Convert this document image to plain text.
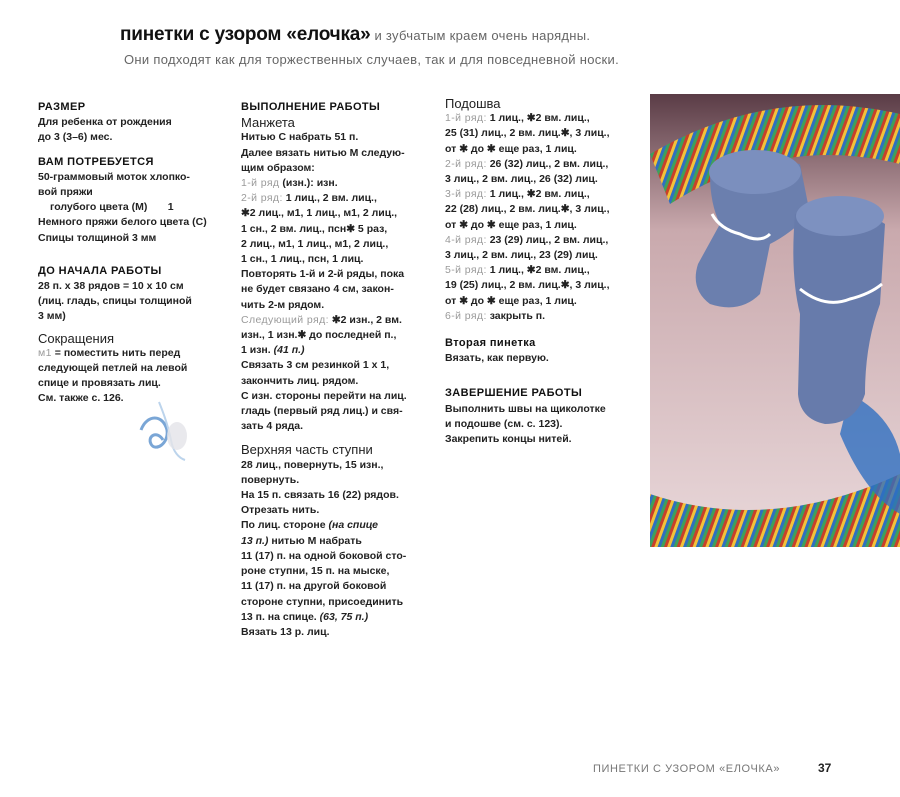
пинетки с узором «елочка» и зубчатым краем очень нарядны.
Они подходят как для торжественных случаев, так и для повседневной носки.

РАЗМЕР

Для ребенка от рождения

до 3 (3–6) мес.

ВАМ ПОТРЕБУЕТСЯ

50-граммовый моток хлопко-

вой пряжи

голубого цвета (М)       1

Немного пряжи белого цвета (С)

Спицы толщиной 3 мм

ДО НАЧАЛА РАБОТЫ

28 п. х 38 рядов = 10 х 10 см

(лиц. гладь, спицы толщиной

3 мм)

Сокращения

м1 = поместить нить перед

следующей петлей на левой

спице и провязать лиц.

См. также с. 126.

ВЫПОЛНЕНИЕ РАБОТЫ

Манжета

Нитью С набрать 51 п.

Далее вязать нитью М следую-

щим образом:

1-й ряд (изн.): изн.

2-й ряд: 1 лиц., 2 вм. лиц.,

✱2 лиц., м1, 1 лиц., м1, 2 лиц.,

1 сн., 2 вм. лиц., псн✱ 5 раз,

2 лиц., м1, 1 лиц., м1, 2 лиц.,

1 сн., 1 лиц., псн, 1 лиц.

Повторять 1-й и 2-й ряды, пока

не будет связано 4 см, закон-

чить 2-м рядом.

Следующий ряд: ✱2 изн., 2 вм.

изн., 1 изн.✱ до последней п.,

1 изн. (41 п.)

Связать 3 см резинкой 1 х 1,

закончить лиц. рядом.

С изн. стороны перейти на лиц.

гладь (первый ряд лиц.) и свя-

зать 4 ряда.

Верхняя часть ступни

28 лиц., повернуть, 15 изн.,

повернуть.

На 15 п. связать 16 (22) рядов.

Отрезать нить.

По лиц. стороне (на спице

13 п.) нитью М набрать

11 (17) п. на одной боковой сто-

роне ступни, 15 п. на мыске,

11 (17) п. на другой боковой

стороне ступни, присоединить

13 п. на спице. (63, 75 п.)

Вязать 13 р. лиц.

Подошва

1-й ряд: 1 лиц., ✱2 вм. лиц.,

25 (31) лиц., 2 вм. лиц.✱, 3 лиц.,

от ✱ до ✱ еще раз, 1 лиц.

2-й ряд: 26 (32) лиц., 2 вм. лиц.,

3 лиц., 2 вм. лиц., 26 (32) лиц.

3-й ряд: 1 лиц., ✱2 вм. лиц.,

22 (28) лиц., 2 вм. лиц.✱, 3 лиц.,

от ✱ до ✱ еще раз, 1 лиц.

4-й ряд: 23 (29) лиц., 2 вм. лиц.,

3 лиц., 2 вм. лиц., 23 (29) лиц.

5-й ряд: 1 лиц., ✱2 вм. лиц.,

19 (25) лиц., 2 вм. лиц.✱, 3 лиц.,

от ✱ до ✱ еще раз, 1 лиц.

6-й ряд: закрыть п.

Вторая пинетка

Вязать, как первую.

ЗАВЕРШЕНИЕ РАБОТЫ

Выполнить швы на щиколотке

и подошве (см. с. 123).

Закрепить концы нитей.

ПИНЕТКИ С УЗОРОМ «ЕЛОЧКА»	37
